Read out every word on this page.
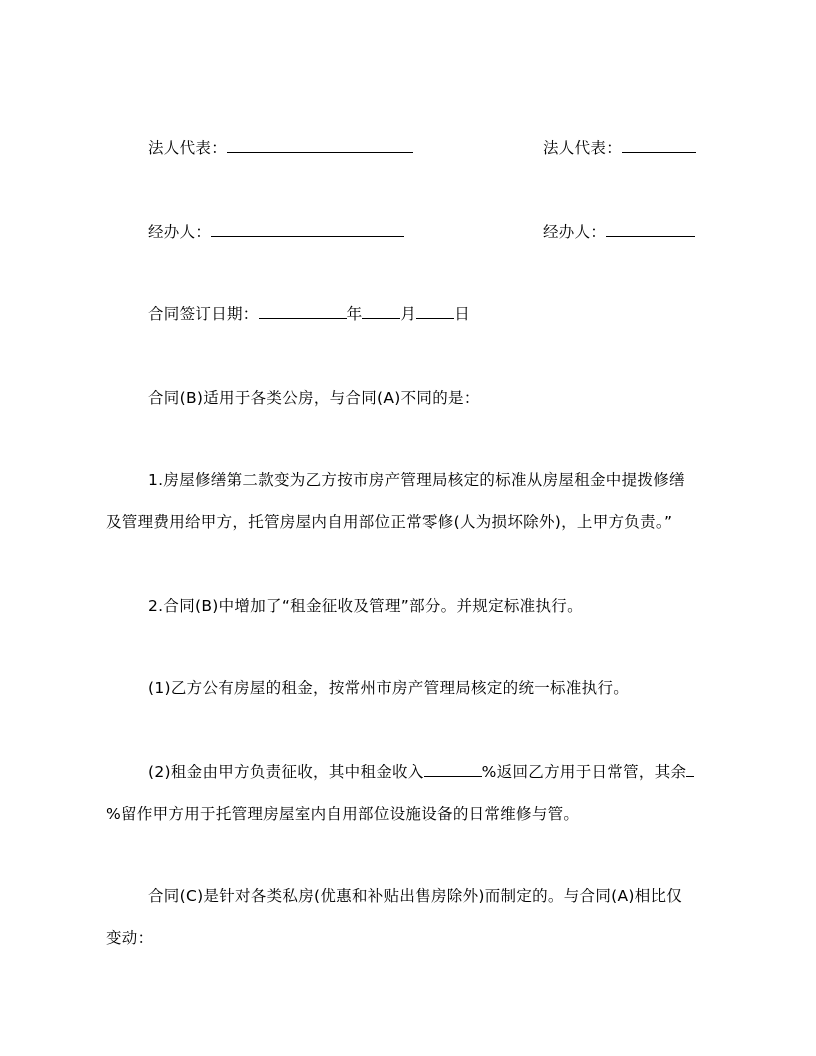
法人代表：	法人代表：
经办人：	经办人：
合同签订日期：	年 月 日
合同(B)适用于各类公房，与合同(A)不同的是：
1.房屋修缮第二款变为乙方按市房产管理局核定的标准从房屋租金中提拨修缮
及管理费用给甲方，托管房屋内自用部位正常零修(人为损坏除外)，上甲方负责。”
2.合同(B)中增加了“租金征收及管理”部分。并规定标准执行。
(1)乙方公有房屋的租金，按常州市房产管理局核定的统一标准执行。
(2)租金由甲方负责征收，其中租金收入	%返回乙方用于日常管，其余
%留作甲方用于托管理房屋室内自用部位设施设备的日常维修与管。
合同(C)是针对各类私房(优惠和补贴出售房除外)而制定的。与合同(A)相比仅
变动：
